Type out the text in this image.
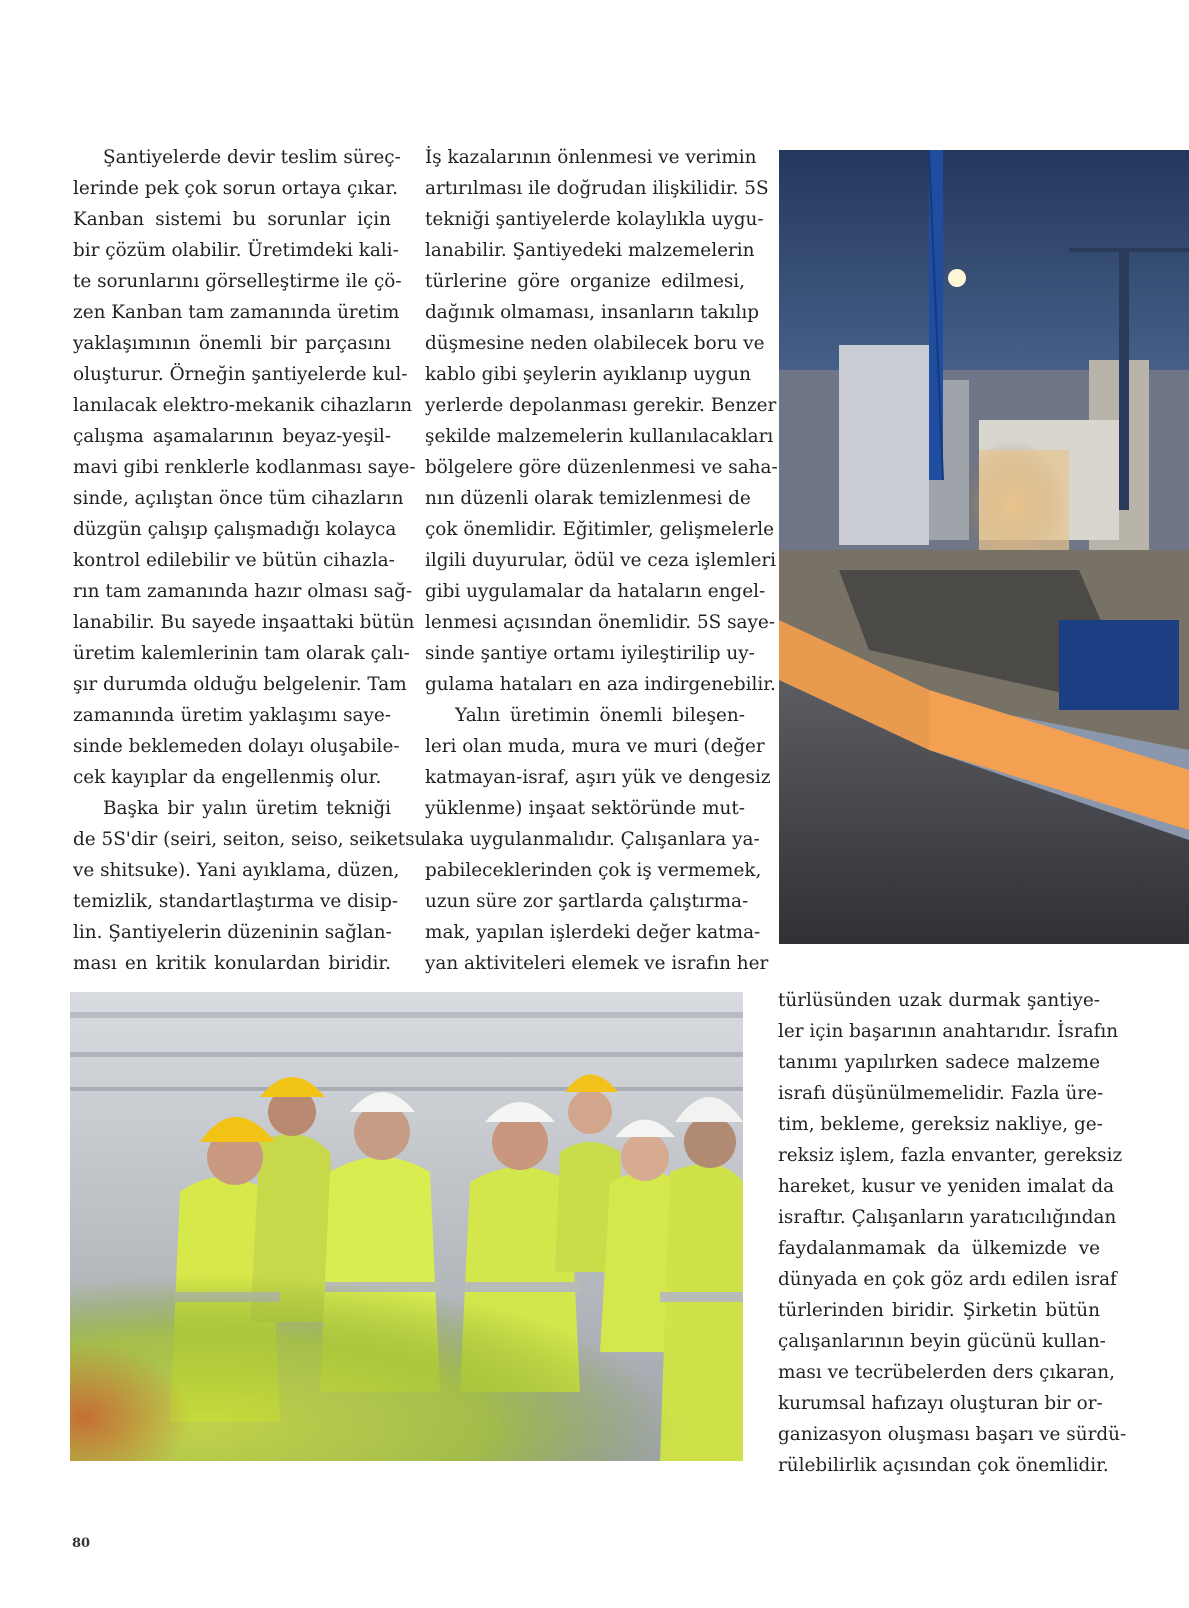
Şantiyelerde devir teslim süreç-
lerinde pek çok sorun ortaya çıkar.
Kanban sistemi bu sorunlar için
bir çözüm olabilir. Üretimdeki kali-
te sorunlarını görselleştirme ile çö-
zen Kanban tam zamanında üretim
yaklaşımının önemli bir parçasını
oluşturur. Örneğin şantiyelerde kul-
lanılacak elektro-mekanik cihazların
çalışma aşamalarının beyaz-yeşil-
mavi gibi renklerle kodlanması saye-
sinde, açılıştan önce tüm cihazların
düzgün çalışıp çalışmadığı kolayca
kontrol edilebilir ve bütün cihazla-
rın tam zamanında hazır olması sağ-
lanabilir. Bu sayede inşaattaki bütün
üretim kalemlerinin tam olarak çalı-
şır durumda olduğu belgelenir. Tam
zamanında üretim yaklaşımı saye-
sinde beklemeden dolayı oluşabile-
cek kayıplar da engellenmiş olur.

Başka bir yalın üretim tekniği
de 5S'dir (seiri, seiton, seiso, seiketsu
ve shitsuke). Yani ayıklama, düzen,
temizlik, standartlaştırma ve disip-
lin. Şantiyelerin düzeninin sağlan-
ması en kritik konulardan biridir.

İş kazalarının önlenmesi ve verimin
artırılması ile doğrudan ilişkilidir. 5S
tekniği şantiyelerde kolaylıkla uygu-
lanabilir. Şantiyedeki malzemelerin
türlerine göre organize edilmesi,
dağınık olmaması, insanların takılıp
düşmesine neden olabilecek boru ve
kablo gibi şeylerin ayıklanıp uygun
yerlerde depolanması gerekir. Benzer
şekilde malzemelerin kullanılacakları
bölgelere göre düzenlenmesi ve saha-
nın düzenli olarak temizlenmesi de
çok önemlidir. Eğitimler, gelişmelerle
ilgili duyurular, ödül ve ceza işlemleri
gibi uygulamalar da hataların engel-
lenmesi açısından önemlidir. 5S saye-
sinde şantiye ortamı iyileştirilip uy-
gulama hataları en aza indirgenebilir.

Yalın üretimin önemli bileşen-
leri olan muda, mura ve muri (değer
katmayan-israf, aşırı yük ve dengesiz
yüklenme) inşaat sektöründe mut-
laka uygulanmalıdır. Çalışanlara ya-
pabileceklerinden çok iş vermemek,
uzun süre zor şartlarda çalıştırma-
mak, yapılan işlerdeki değer katma-
yan aktiviteleri elemek ve israfın her

türlüsünden uzak durmak şantiye-
ler için başarının anahtarıdır. İsrafın
tanımı yapılırken sadece malzeme
israfı düşünülmemelidir. Fazla üre-
tim, bekleme, gereksiz nakliye, ge-
reksiz işlem, fazla envanter, gereksiz
hareket, kusur ve yeniden imalat da
israftır. Çalışanların yaratıcılığından
faydalanmamak da ülkemizde ve
dünyada en çok göz ardı edilen israf
türlerinden biridir. Şirketin bütün
çalışanlarının beyin gücünü kullan-
ması ve tecrübelerden ders çıkaran,
kurumsal hafızayı oluşturan bir or-
ganizasyon oluşması başarı ve sürdü-
rülebilirlik açısından çok önemlidir.

80
